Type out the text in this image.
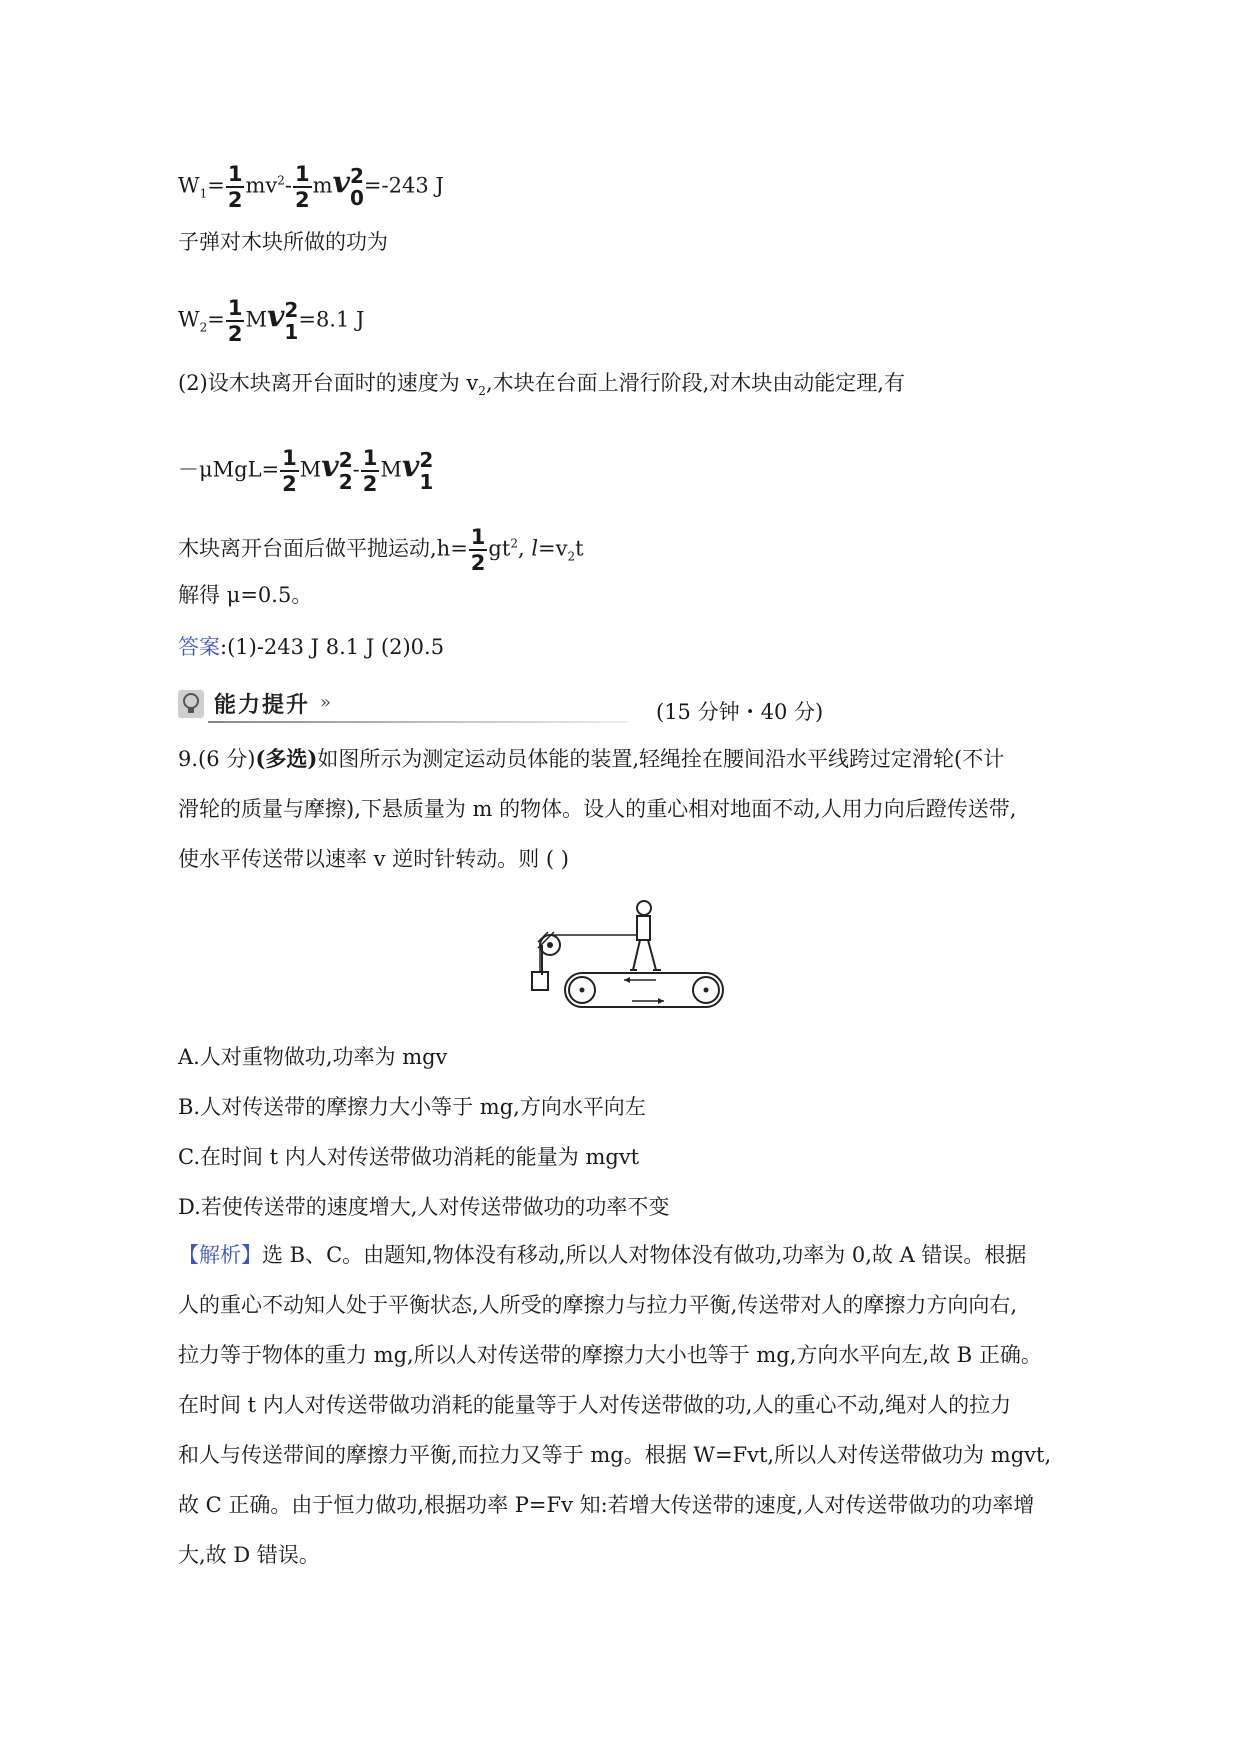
$W_1= \frac{1}{2} mv^2- \frac{1}{2}$ mv 2
0
=-243 J
子弹对木块所做的功为
$W_2= \frac{1}{2}$ Mv 2
1
=8.1 J
(2)设木块离开台面时的速度为 $v_2$,木块在台面上滑行阶段,对木块由动能定理,有
$-\mu MgL= \frac{1}{2}$ Mv 2
2
- $\frac{1}{2}$ Mv 2
1
木块离开台面后做平抛运动$,h= \frac{1}{2} gt^2$, $l=v_2t$
解得 μ=0.5。
答案:(1)-243 J 8.1 J (2)0.5
能力提升 »	(15 分钟・40 分)
9.(6 分)(多选)如图所示为测定运动员体能的装置,轻绳拴在腰间沿水平线跨过定滑轮(不计
滑轮的质量与摩擦),下悬质量为 m 的物体。设人的重心相对地面不动,人用力向后蹬传送带,
使水平传送带以速率 v 逆时针转动。则 ( )
A.人对重物做功,功率为 mgv
B.人对传送带的摩擦力大小等于 mg,方向水平向左
C.在时间 t 内人对传送带做功消耗的能量为 mgvt
D.若使传送带的速度增大,人对传送带做功的功率不变
【解析】选 B、C。由题知,物体没有移动,所以人对物体没有做功,功率为 0,故 A 错误。根据
人的重心不动知人处于平衡状态,人所受的摩擦力与拉力平衡,传送带对人的摩擦力方向向右,
拉力等于物体的重力 mg,所以人对传送带的摩擦力大小也等于 mg,方向水平向左,故 B 正确。
在时间 t 内人对传送带做功消耗的能量等于人对传送带做的功,人的重心不动,绳对人的拉力
和人与传送带间的摩擦力平衡,而拉力又等于 mg。根据 W=Fvt,所以人对传送带做功为 mgvt,
故 C 正确。由于恒力做功,根据功率 P=Fv 知:若增大传送带的速度,人对传送带做功的功率增
大,故 D 错误。
